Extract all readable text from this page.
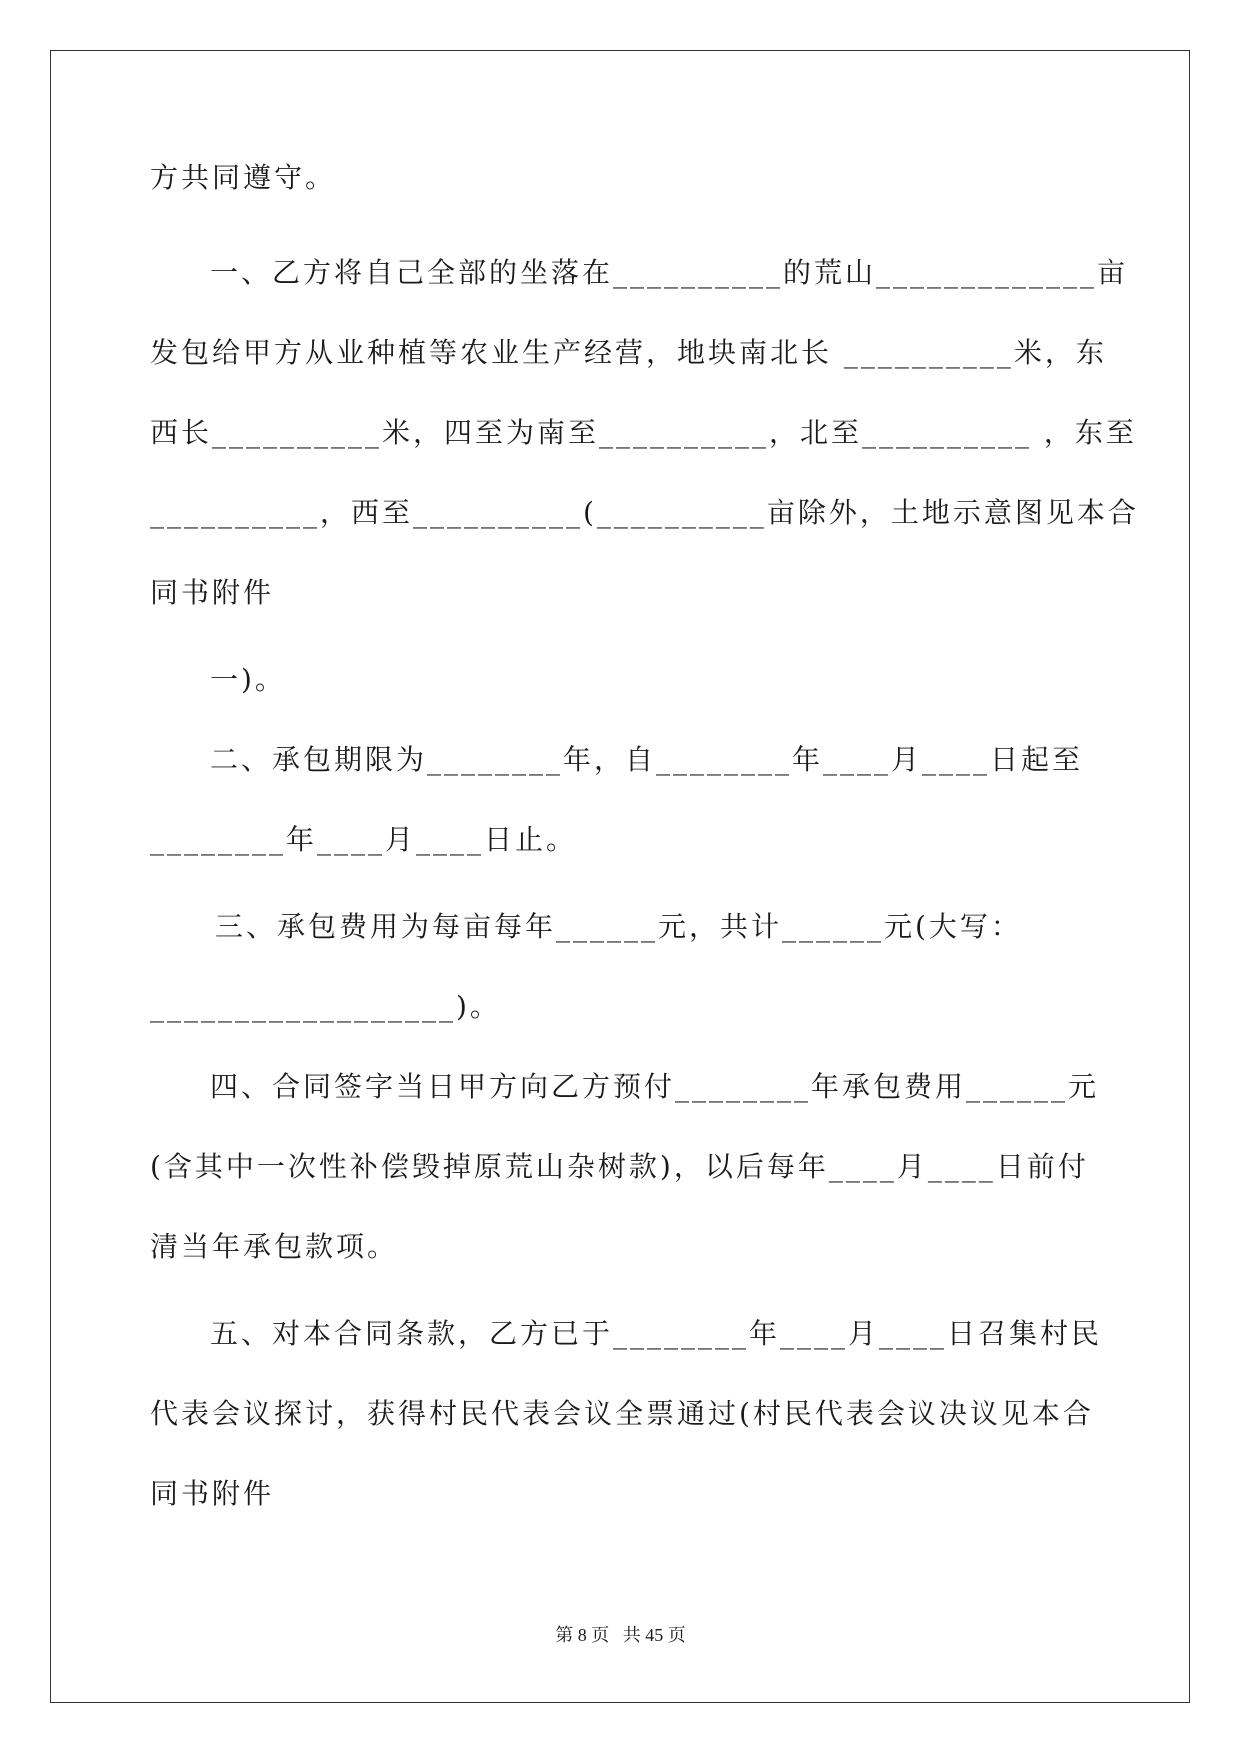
方共同遵守。
一、乙方将自己全部的坐落在__________的荒山_____________亩
发包给甲方从业种植等农业生产经营，地块南北长 __________米，东
西长__________米，四至为南至__________，北至__________ ，东至
__________，西至__________(__________亩除外，土地示意图见本合
同书附件
一)。
二、承包期限为________年，自________年____月____日起至
________年____月____日止。
三、承包费用为每亩每年______元，共计______元(大写：
__________________)。
四、合同签字当日甲方向乙方预付________年承包费用______元
(含其中一次性补偿毁掉原荒山杂树款)，以后每年____月____日前付
清当年承包款项。
五、对本合同条款，乙方已于________年____月____日召集村民
代表会议探讨，获得村民代表会议全票通过(村民代表会议决议见本合
同书附件
第 8 页   共 45 页
